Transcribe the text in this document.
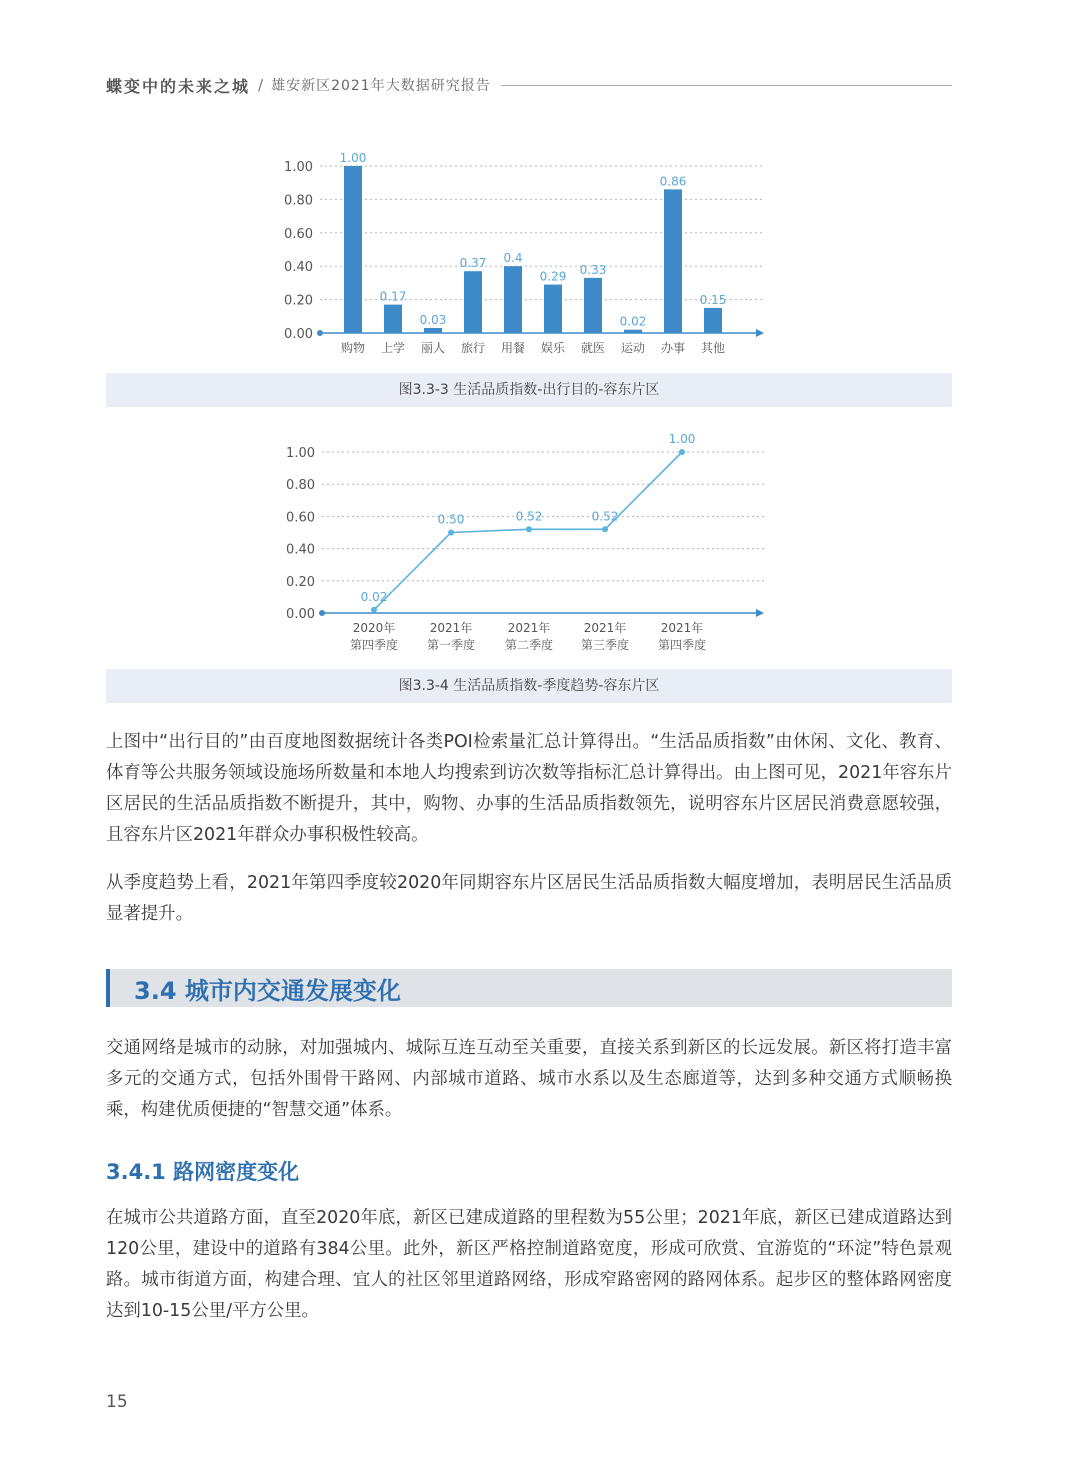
蝶变中的未来之城 / 雄安新区2021年大数据研究报告
0.00
0.20
0.40
0.60
0.80
1.00
1.00
购物
0.17
上学
0.03
丽人
0.37
旅行
0.4
用餐
0.29
娱乐
0.33
就医
0.02
运动
0.86
办事
0.15
其他
图3.3-3 生活品质指数-出行目的-容东片区
0.00
0.20
0.40
0.60
0.80
1.00
0.02
2020年
第四季度
0.50
2021年
第一季度
0.52
2021年
第二季度
0.52
2021年
第三季度
1.00
2021年
第四季度
图3.3-4 生活品质指数-季度趋势-容东片区

上图中“出行目的”由百度地图数据统计各类POI检索量汇总计算得出。“生活品质指数”由休闲、文化、教育、体育等公共服务领域设施场所数量和本地人均搜索到访次数等指标汇总计算得出。由上图可见，2021年容东片区居民的生活品质指数不断提升，其中，购物、办事的生活品质指数领先，说明容东片区居民消费意愿较强，且容东片区2021年群众办事积极性较高。

从季度趋势上看，2021年第四季度较2020年同期容东片区居民生活品质指数大幅度增加，表明居民生活品质显著提升。

3.4 城市内交通发展变化

交通网络是城市的动脉，对加强城内、城际互连互动至关重要，直接关系到新区的长远发展。新区将打造丰富多元的交通方式，包括外围骨干路网、内部城市道路、城市水系以及生态廊道等，达到多种交通方式顺畅换乘，构建优质便捷的“智慧交通”体系。

3.4.1 路网密度变化

在城市公共道路方面，直至2020年底，新区已建成道路的里程数为55公里；2021年底，新区已建成道路达到120公里，建设中的道路有384公里。此外，新区严格控制道路宽度，形成可欣赏、宜游览的“环淀”特色景观路。城市街道方面，构建合理、宜人的社区邻里道路网络，形成窄路密网的路网体系。起步区的整体路网密度达到10-15公里/平方公里。

15
